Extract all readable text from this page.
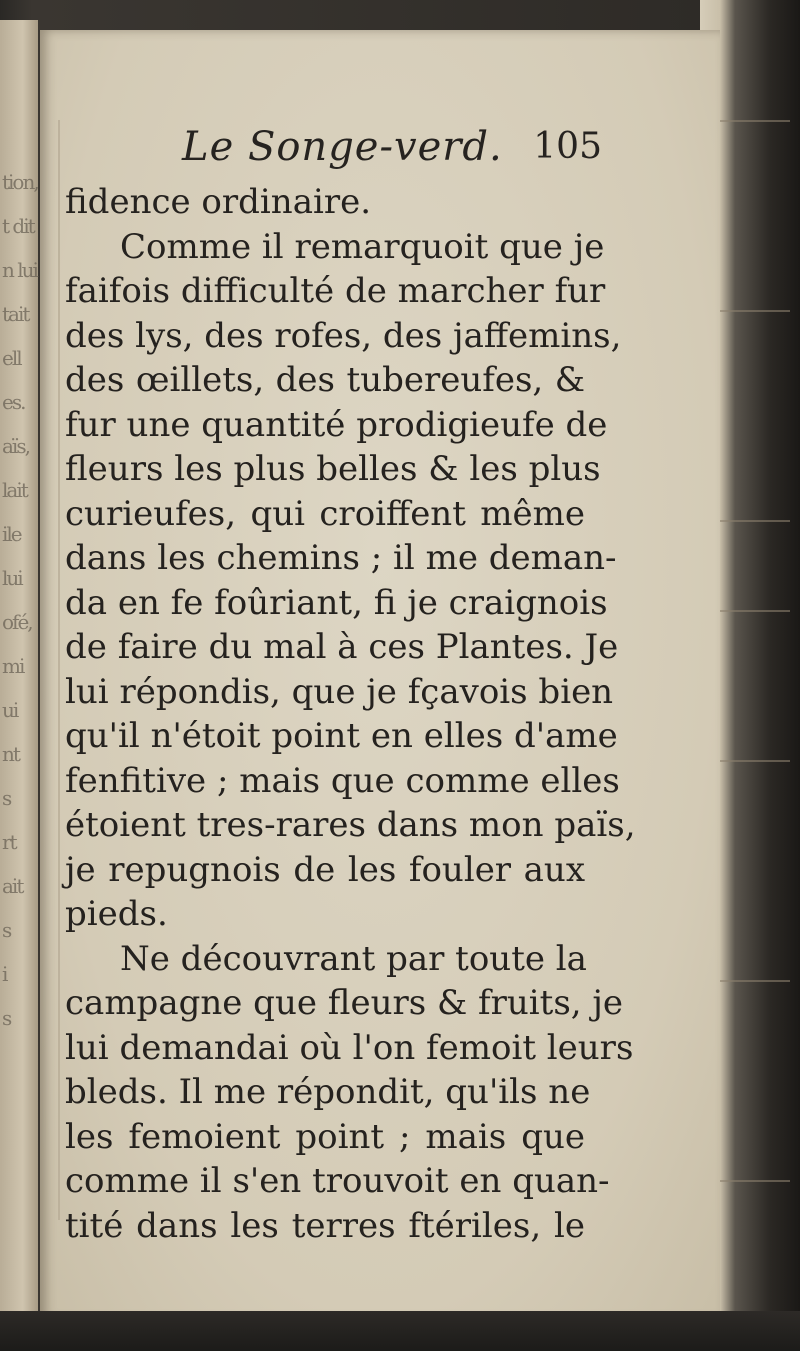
tion,
t dit
n lui
tait
ell
es.
aïs,
lait
ile
lui
ofé,
mi
ui
nt
s
rt
ait
s
i
s
Le Songe-verd. 105
fidence ordinaire.
Comme il remarquoit que je
faifois difficulté de marcher fur
des lys, des rofes, des jaffemins,
des œillets, des tubereufes, &
fur une quantité prodigieufe de
fleurs les plus belles & les plus
curieufes, qui croiffent même
dans les chemins ; il me deman-
da en fe foûriant, fi je craignois
de faire du mal à ces Plantes. Je
lui répondis, que je fçavois bien
qu'il n'étoit point en elles d'ame
fenfitive ; mais que comme elles
étoient tres-rares dans mon païs,
je repugnois de les fouler aux
pieds.
Ne découvrant par toute la
campagne que fleurs & fruits, je
lui demandai où l'on femoit leurs
bleds. Il me répondit, qu'ils ne
les femoient point ; mais que
comme il s'en trouvoit en quan-
tité dans les terres ftériles, le
